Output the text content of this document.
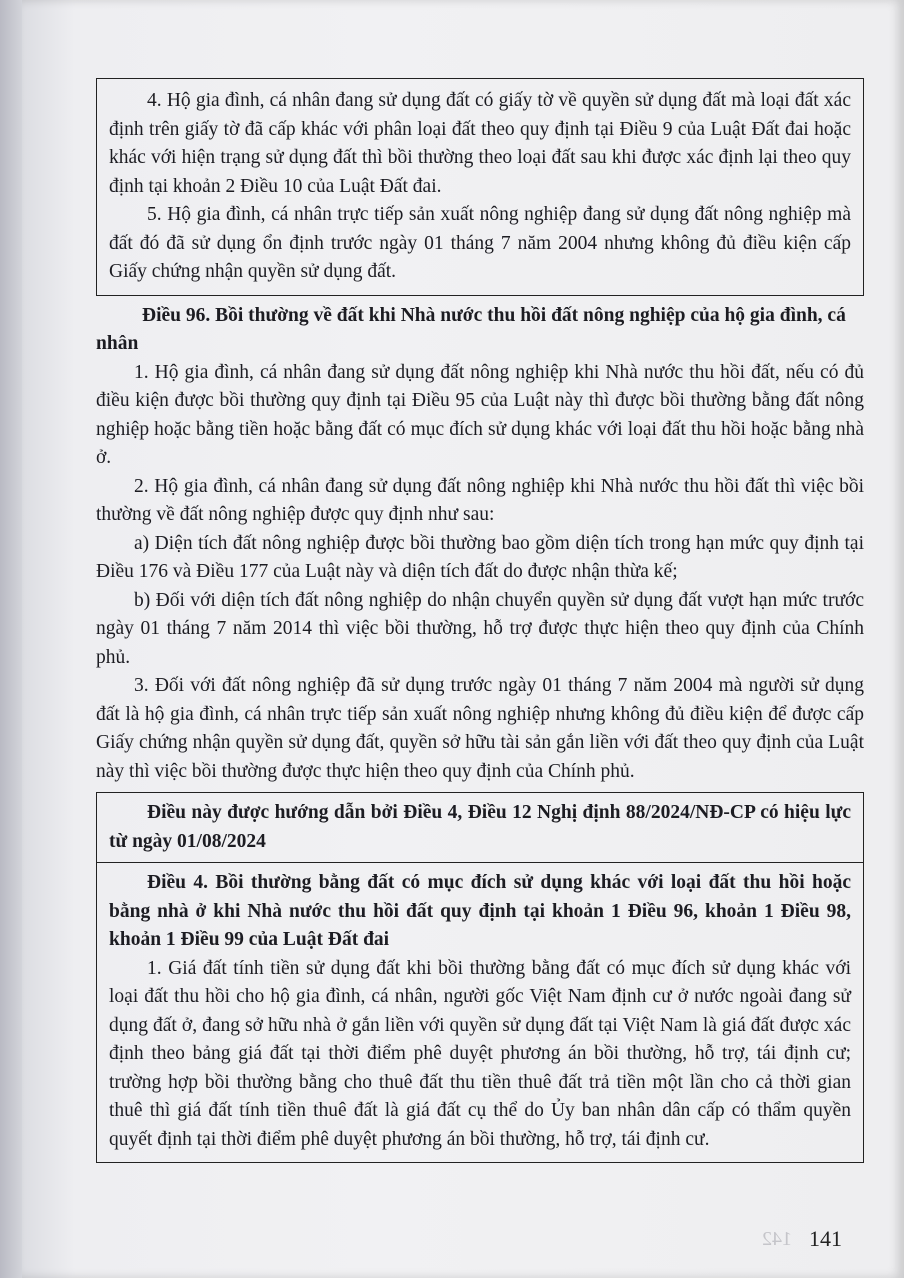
4. Hộ gia đình, cá nhân đang sử dụng đất có giấy tờ về quyền sử dụng đất mà loại đất xác định trên giấy tờ đã cấp khác với phân loại đất theo quy định tại Điều 9 của Luật Đất đai hoặc khác với hiện trạng sử dụng đất thì bồi thường theo loại đất sau khi được xác định lại theo quy định tại khoản 2 Điều 10 của Luật Đất đai.

5. Hộ gia đình, cá nhân trực tiếp sản xuất nông nghiệp đang sử dụng đất nông nghiệp mà đất đó đã sử dụng ổn định trước ngày 01 tháng 7 năm 2004 nhưng không đủ điều kiện cấp Giấy chứng nhận quyền sử dụng đất.

Điều 96. Bồi thường về đất khi Nhà nước thu hồi đất nông nghiệp của hộ gia đình, cá nhân

1. Hộ gia đình, cá nhân đang sử dụng đất nông nghiệp khi Nhà nước thu hồi đất, nếu có đủ điều kiện được bồi thường quy định tại Điều 95 của Luật này thì được bồi thường bằng đất nông nghiệp hoặc bằng tiền hoặc bằng đất có mục đích sử dụng khác với loại đất thu hồi hoặc bằng nhà ở.

2. Hộ gia đình, cá nhân đang sử dụng đất nông nghiệp khi Nhà nước thu hồi đất thì việc bồi thường về đất nông nghiệp được quy định như sau:

a) Diện tích đất nông nghiệp được bồi thường bao gồm diện tích trong hạn mức quy định tại Điều 176 và Điều 177 của Luật này và diện tích đất do được nhận thừa kế;

b) Đối với diện tích đất nông nghiệp do nhận chuyển quyền sử dụng đất vượt hạn mức trước ngày 01 tháng 7 năm 2014 thì việc bồi thường, hỗ trợ được thực hiện theo quy định của Chính phủ.

3. Đối với đất nông nghiệp đã sử dụng trước ngày 01 tháng 7 năm 2004 mà người sử dụng đất là hộ gia đình, cá nhân trực tiếp sản xuất nông nghiệp nhưng không đủ điều kiện để được cấp Giấy chứng nhận quyền sử dụng đất, quyền sở hữu tài sản gắn liền với đất theo quy định của Luật này thì việc bồi thường được thực hiện theo quy định của Chính phủ.

Điều này được hướng dẫn bởi Điều 4, Điều 12 Nghị định 88/2024/NĐ-CP có hiệu lực từ ngày 01/08/2024

Điều 4. Bồi thường bằng đất có mục đích sử dụng khác với loại đất thu hồi hoặc bằng nhà ở khi Nhà nước thu hồi đất quy định tại khoản 1 Điều 96, khoản 1 Điều 98, khoản 1 Điều 99 của Luật Đất đai

1. Giá đất tính tiền sử dụng đất khi bồi thường bằng đất có mục đích sử dụng khác với loại đất thu hồi cho hộ gia đình, cá nhân, người gốc Việt Nam định cư ở nước ngoài đang sử dụng đất ở, đang sở hữu nhà ở gắn liền với quyền sử dụng đất tại Việt Nam là giá đất được xác định theo bảng giá đất tại thời điểm phê duyệt phương án bồi thường, hỗ trợ, tái định cư; trường hợp bồi thường bằng cho thuê đất thu tiền thuê đất trả tiền một lần cho cả thời gian thuê thì giá đất tính tiền thuê đất là giá đất cụ thể do Ủy ban nhân dân cấp có thẩm quyền quyết định tại thời điểm phê duyệt phương án bồi thường, hỗ trợ, tái định cư.

142 141
